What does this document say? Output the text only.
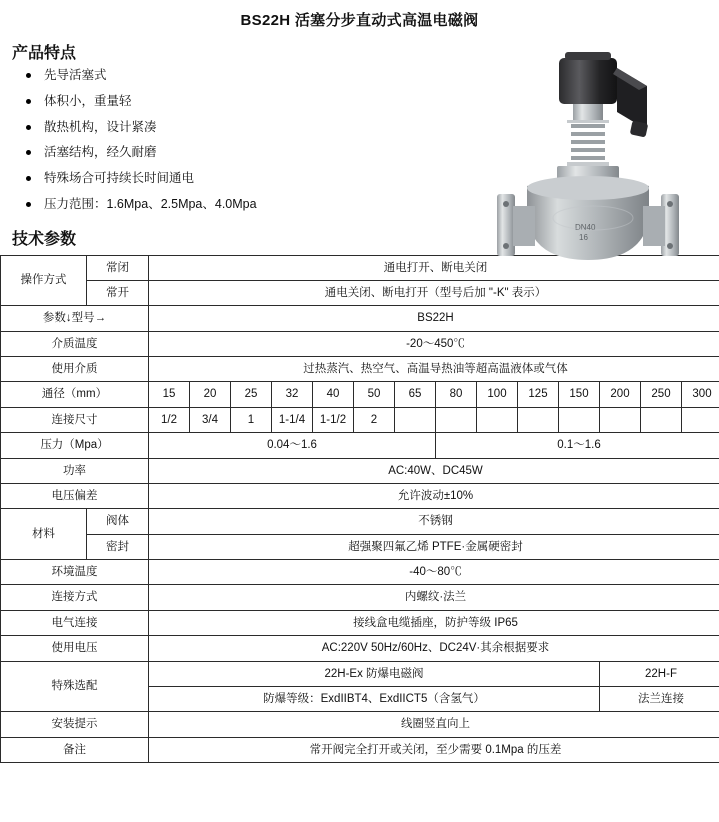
BS22H 活塞分步直动式高温电磁阀
产品特点
先导活塞式
体积小，重量轻
散热机构，设计紧凑
活塞结构，经久耐磨
特殊场合可持续长时间通电
压力范围：1.6Mpa、2.5Mpa、4.0Mpa
DN40
16
技术参数
操作方式	常闭	通电打开、断电关闭													
	常开	通电关闭、断电打开（型号后加 "-K" 表示）													
参数↓型号→		BS22H													
介质温度		-20～450℃													
使用介质		过热蒸汽、热空气、高温导热油等超高温液体或气体													
通径（mm）		15	20	25	32	40	50	65	80	100	125	150	200	250	300
连接尺寸		1/2	3/4	1	1-1/4	1-1/2	2								
压力（Mpa）		0.04～1.6							0.1～1.6						
功率		AC:40W、DC45W													
电压偏差		允许波动±10%													
材料	阀体	不锈钢													
	密封	超强聚四氟乙烯 PTFE·金属硬密封													
环境温度		-40～80℃													
连接方式		内螺纹·法兰													
电气连接		接线盒电缆插座，防护等级 IP65													
使用电压		AC:220V 50Hz/60Hz、DC24V·其余根据要求													
特殊选配		22H-Ex 防爆电磁阀											22H-F		
		防爆等级：ExdIIBT4、ExdIICT5（含氢气）											法兰连接		
安装提示		线圈竖直向上													
备注		常开阀完全打开或关闭，至少需要 0.1Mpa 的压差													
